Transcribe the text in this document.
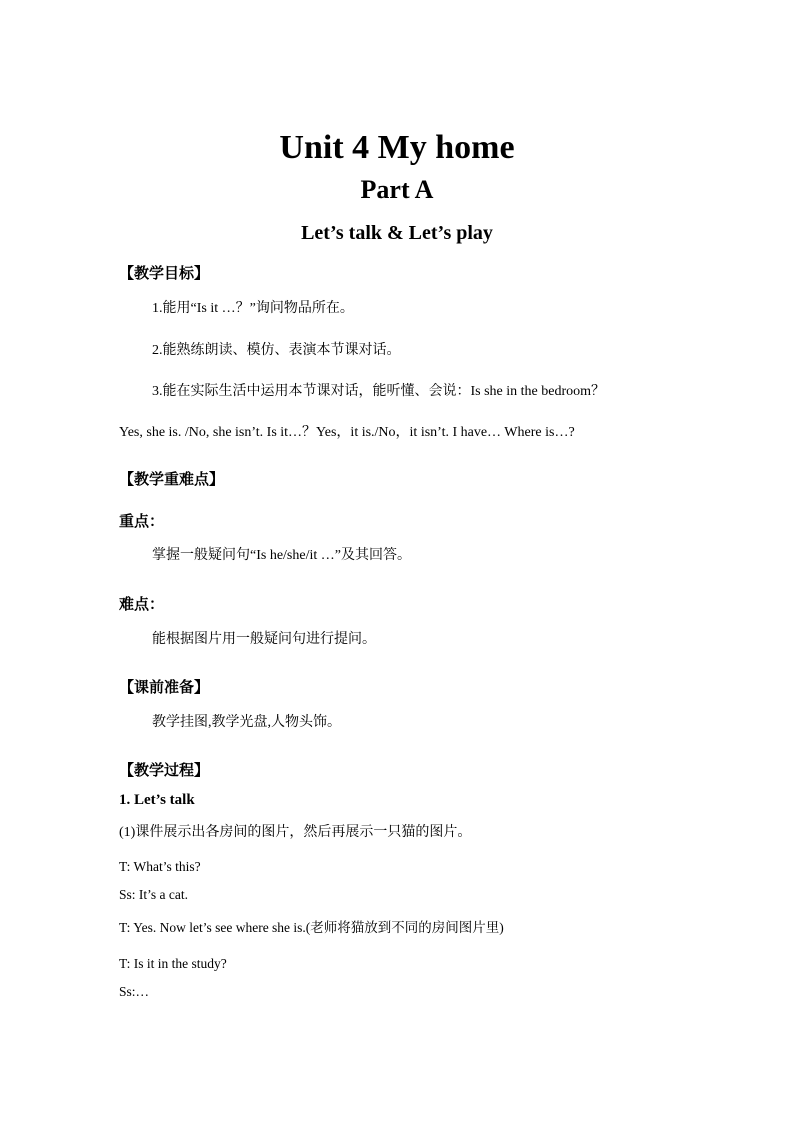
Unit 4 My home
Part A
Let’s talk & Let’s play
【教学目标】
1.能用“Is it …？”询问物品所在。
2.能熟练朗读、模仿、表演本节课对话。
3.能在实际生活中运用本节课对话，能听懂、会说：Is she in the bedroom？
Yes, she is. /No, she isn’t. Is it…？Yes，it is./No，it isn’t. I have… Where is…?
【教学重难点】
重点：
掌握一般疑问句“Is he/she/it …”及其回答。
难点：
能根据图片用一般疑问句进行提问。
【课前准备】
教学挂图,教学光盘,人物头饰。
【教学过程】
1. Let’s talk
(1)课件展示出各房间的图片，然后再展示一只猫的图片。
T: What’s this?
Ss: It’s a cat.
T: Yes. Now let’s see where she is.(老师将猫放到不同的房间图片里)
T: Is it in the study?
Ss:…
